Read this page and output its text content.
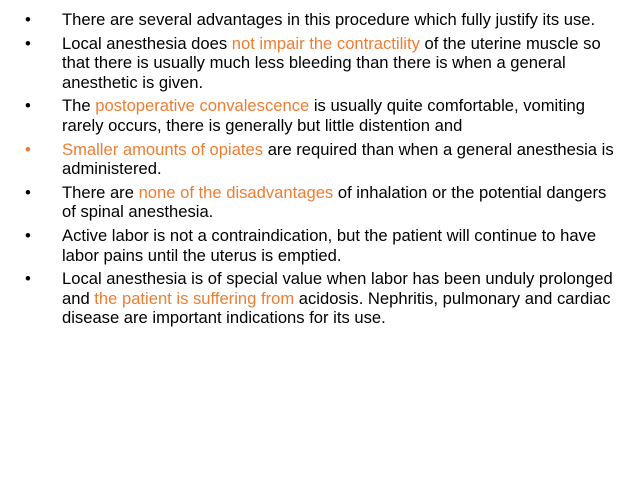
•	There are several advantages in this procedure which fully justify its use.
•	Local anesthesia does not impair the contractility of the uterine muscle so that there is usually much less bleeding than there is when a general anesthetic is given.
•	The postoperative convalescence is usually quite comfortable, vomiting rarely occurs, there is generally but little distention and
•	Smaller amounts of opiates are required than when a general anesthesia is administered.
•	There are none of the disadvantages of inhalation or the potential dangers of spinal anesthesia.
•	Active labor is not a contraindication, but the patient will continue to have labor pains until the uterus is emptied.
•	Local anesthesia is of special value when labor has been unduly prolonged and the patient is suffering from acidosis. Nephritis, pulmonary and cardiac disease are important indications for its use.
